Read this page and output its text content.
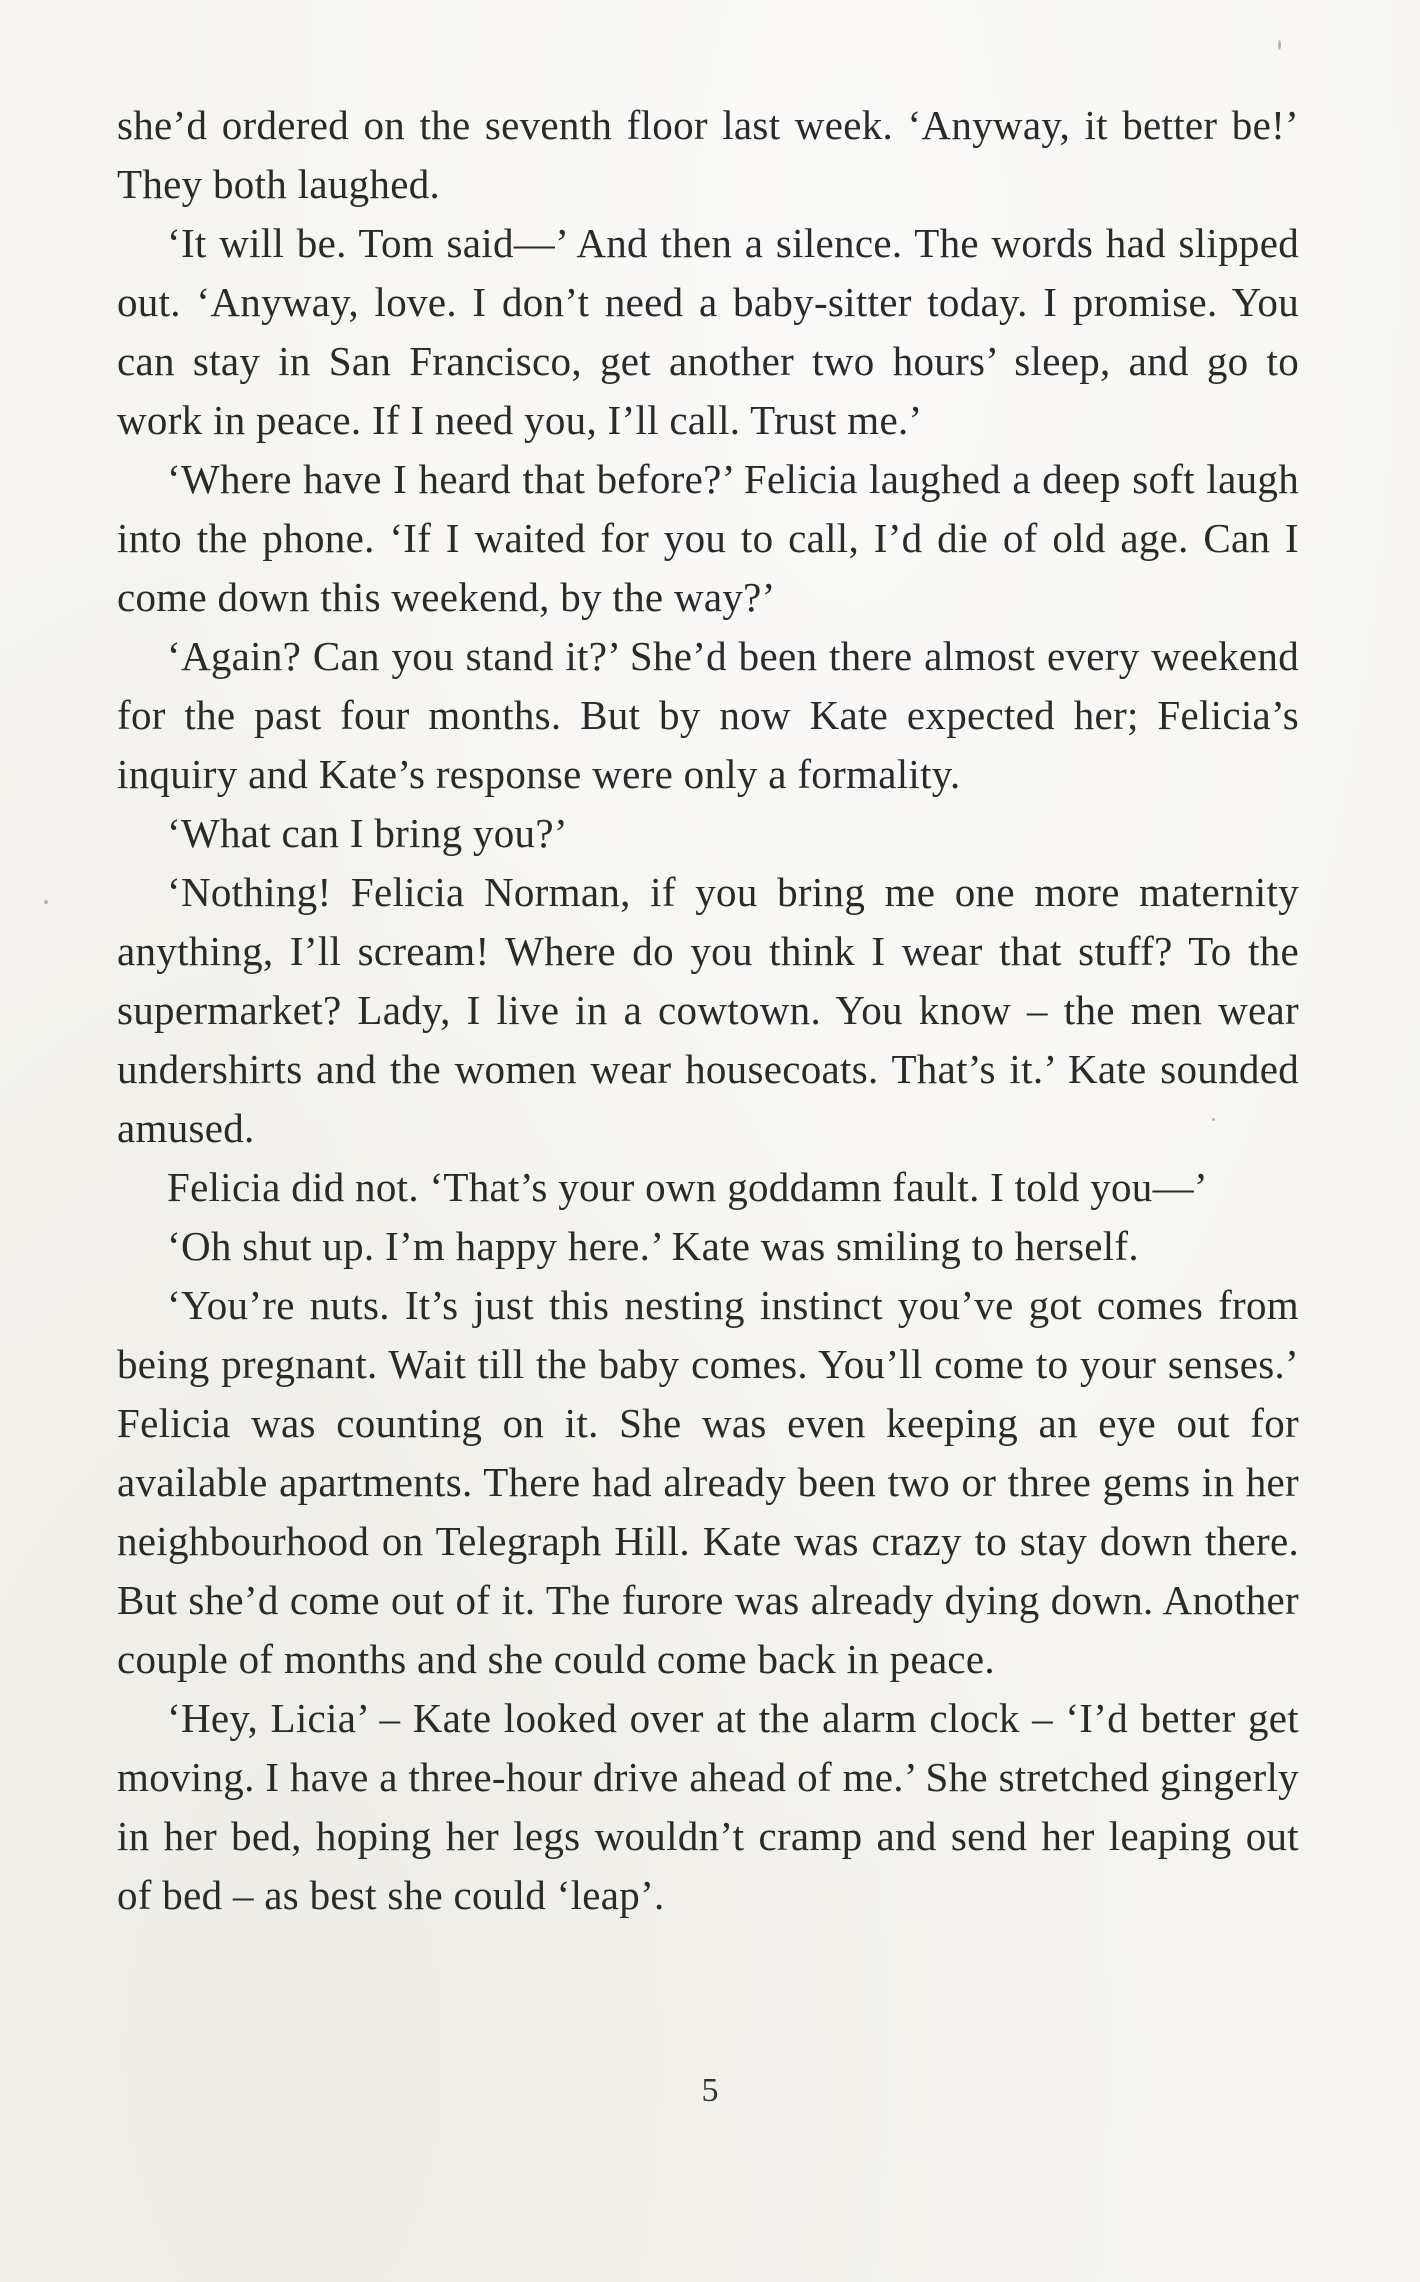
she’d ordered on the seventh floor last week. ‘Anyway, it better be!’ They both laughed.

‘It will be. Tom said—’ And then a silence. The words had slipped out. ‘Anyway, love. I don’t need a baby-sitter today. I promise. You can stay in San Francisco, get another two hours’ sleep, and go to work in peace. If I need you, I’ll call. Trust me.’

‘Where have I heard that before?’ Felicia laughed a deep soft laugh into the phone. ‘If I waited for you to call, I’d die of old age. Can I come down this weekend, by the way?’

‘Again? Can you stand it?’ She’d been there almost every weekend for the past four months. But by now Kate expected her; Felicia’s inquiry and Kate’s response were only a formality.

‘What can I bring you?’

‘Nothing! Felicia Norman, if you bring me one more maternity anything, I’ll scream! Where do you think I wear that stuff? To the supermarket? Lady, I live in a cowtown. You know – the men wear undershirts and the women wear housecoats. That’s it.’ Kate sounded amused.

Felicia did not. ‘That’s your own goddamn fault. I told you—’

‘Oh shut up. I’m happy here.’ Kate was smiling to herself.

‘You’re nuts. It’s just this nesting instinct you’ve got comes from being pregnant. Wait till the baby comes. You’ll come to your senses.’ Felicia was counting on it. She was even keeping an eye out for available apartments. There had already been two or three gems in her neighbourhood on Telegraph Hill. Kate was crazy to stay down there. But she’d come out of it. The furore was already dying down. Another couple of months and she could come back in peace.

‘Hey, Licia’ – Kate looked over at the alarm clock – ‘I’d better get moving. I have a three-hour drive ahead of me.’ She stretched gingerly in her bed, hoping her legs wouldn’t cramp and send her leaping out of bed – as best she could ‘leap’.

5
